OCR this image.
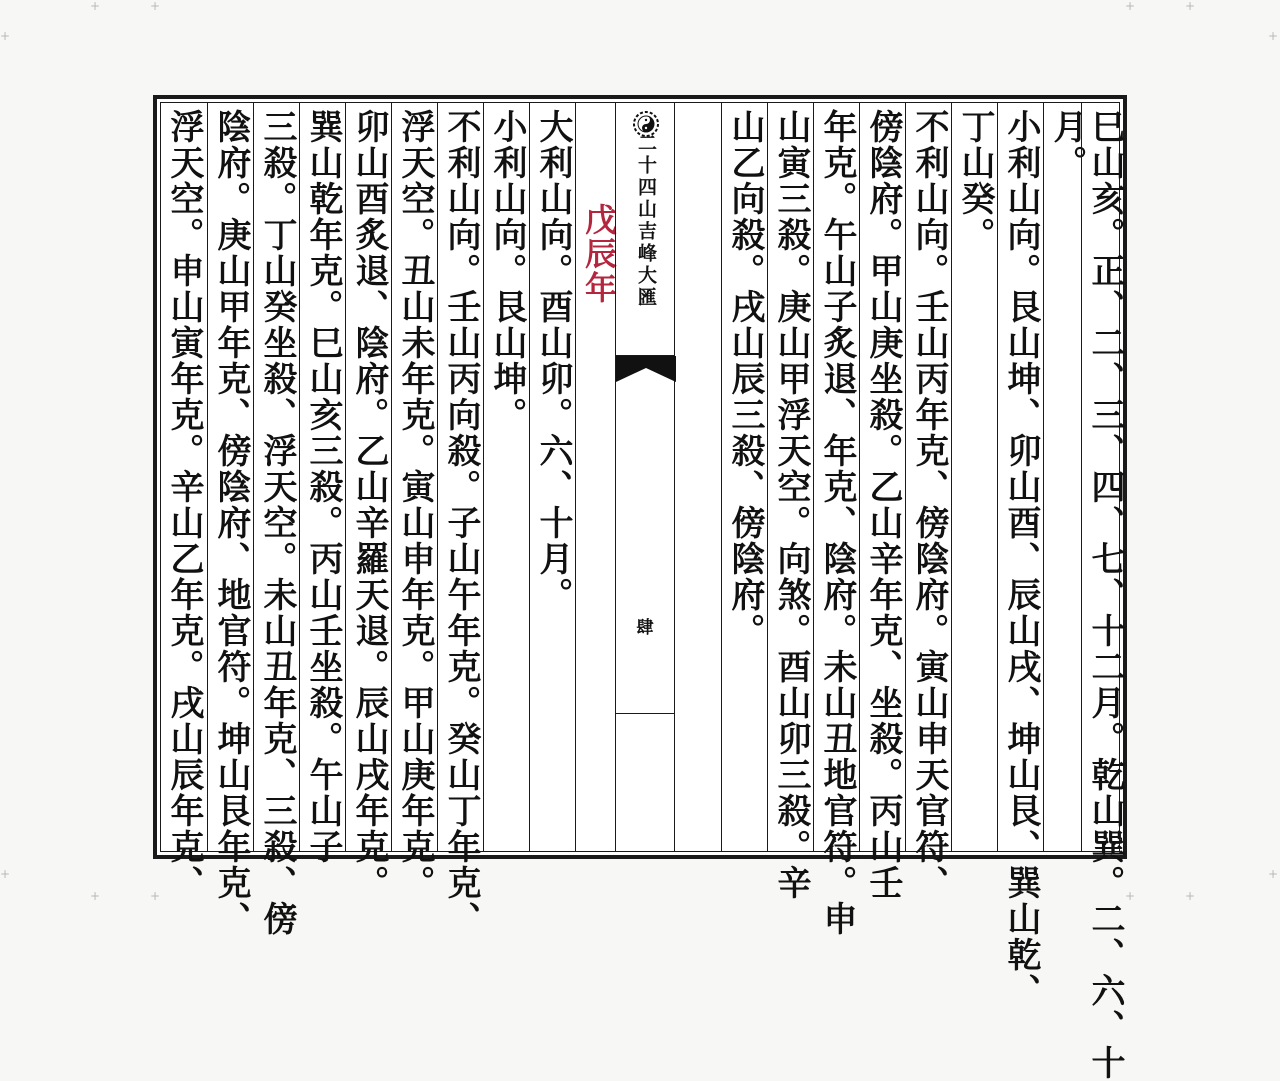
+
+	+	+	+
+
+
+	+	+	+
+
浮天空。申山寅年克。辛山乙年克。戌山辰年克、 陰府。庚山甲年克、傍陰府、地官符。坤山艮年克、 三殺。丁山癸坐殺、浮天空。未山丑年克、三殺、傍 巽山乾年克。巳山亥三殺。丙山壬坐殺。午山子 卯山酉炙退、陰府。乙山辛羅天退。辰山戌年克。 浮天空。丑山未年克。寅山申年克。甲山庚年克。 不利山向。壬山丙向殺。子山午年克。癸山丁年克、 小利山向。艮山坤。 大利山向。酉山卯。六、十月。 戊辰年 二十四山吉峰大匯
肆	山乙向殺。戌山辰三殺、傍陰府。 山寅三殺。庚山甲浮天空。向煞。酉山卯三殺。辛 年克。午山子炙退、年克、陰府。未山丑地官符。申 傍陰府。甲山庚坐殺。乙山辛年克、坐殺。丙山壬 不利山向。壬山丙年克、傍陰府。寅山申天官符、 丁山癸。 小利山向。艮山坤、卯山酉、辰山戌、坤山艮、巽山乾、 月。
巳山亥。正、二、三、四、七、十二月。乾山巽。二、六、十
